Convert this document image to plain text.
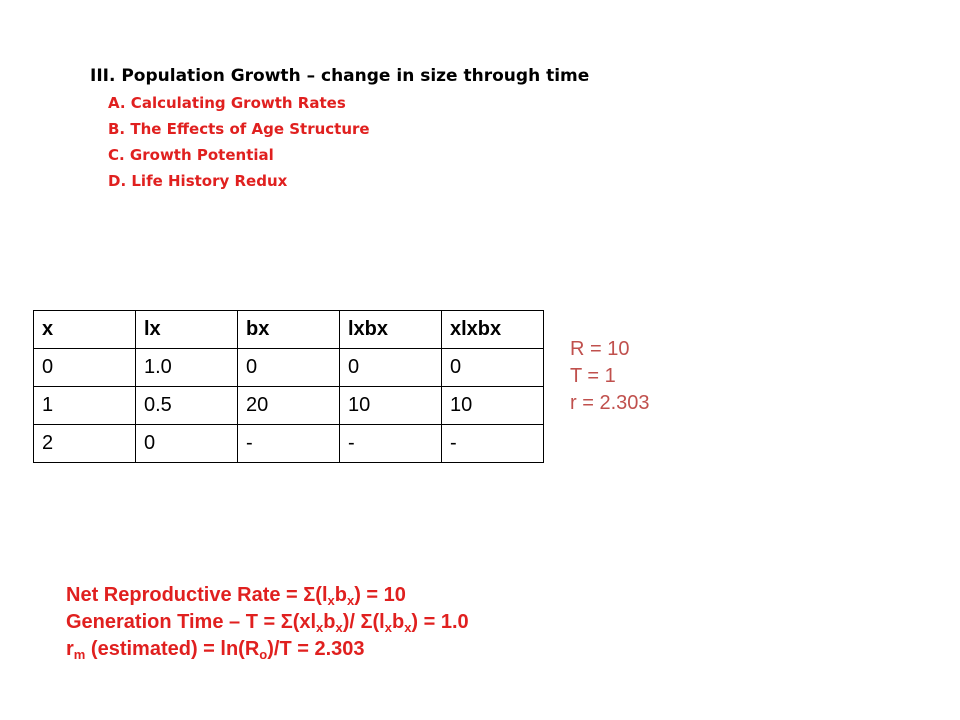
III. Population Growth – change in size through time
A. Calculating Growth Rates
B. The Effects of Age Structure
C. Growth Potential
D. Life History Redux
x	lx	bx	lxbx	xlxbx
0	1.0	0	0	0
1	0.5	20	10	10
2	0	-	-	-
R = 10
T = 1
r = 2.303
Net Reproductive Rate = $\Sigma(l_xb_x) = 10$
Generation Time – $T = \Sigma(xl_xb_x)/$ $\Sigma(l_xb_x) = 1.0$
$r_m$ (estimated) = $\ln(R_o)/T = 2.303$
